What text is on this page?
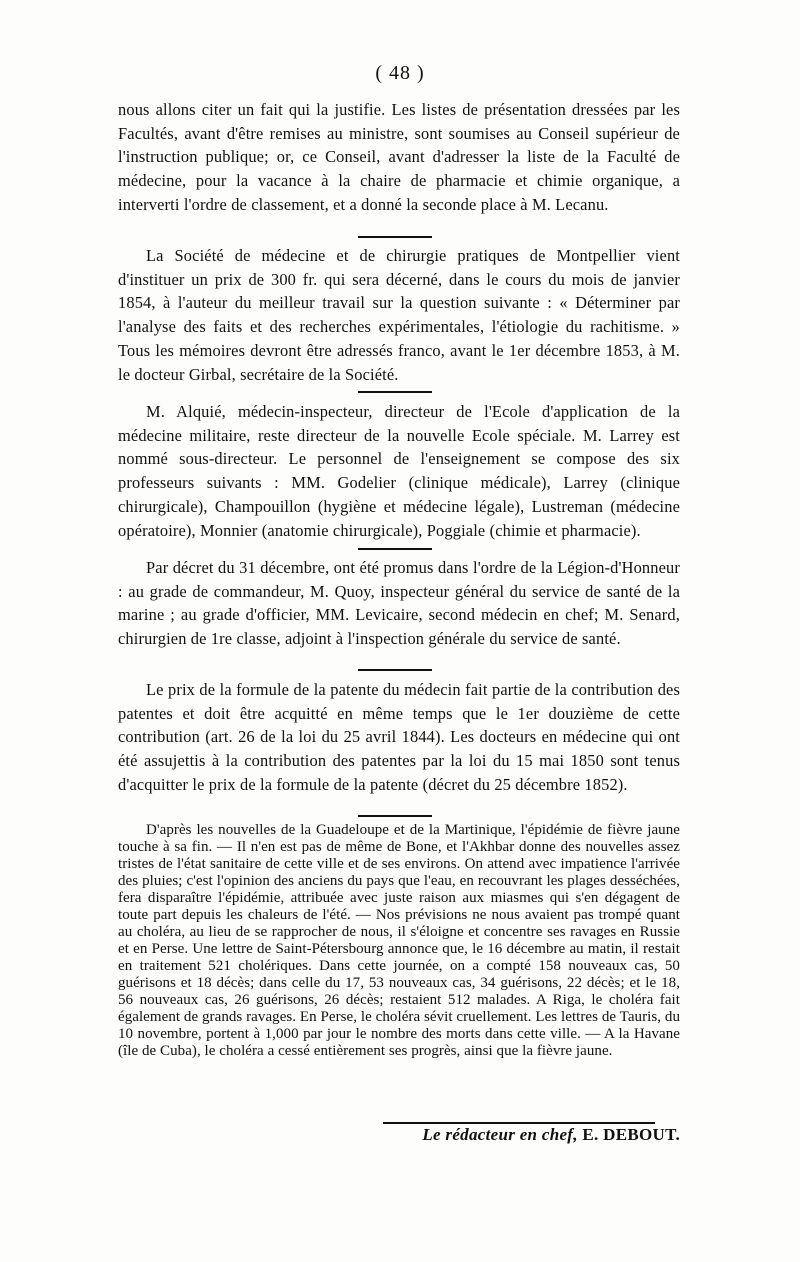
( 48 )

nous allons citer un fait qui la justifie. Les listes de présentation dressées par les Facultés, avant d'être remises au ministre, sont soumises au Conseil supérieur de l'instruction publique; or, ce Conseil, avant d'adresser la liste de la Faculté de médecine, pour la vacance à la chaire de pharmacie et chimie organique, a interverti l'ordre de classement, et a donné la seconde place à M. Lecanu.

La Société de médecine et de chirurgie pratiques de Montpellier vient d'instituer un prix de 300 fr. qui sera décerné, dans le cours du mois de janvier 1854, à l'auteur du meilleur travail sur la question suivante : « Déterminer par l'analyse des faits et des recherches expérimentales, l'étiologie du rachitisme. » Tous les mémoires devront être adressés franco, avant le 1er décembre 1853, à M. le docteur Girbal, secrétaire de la Société.

M. Alquié, médecin-inspecteur, directeur de l'Ecole d'application de la médecine militaire, reste directeur de la nouvelle Ecole spéciale. M. Larrey est nommé sous-directeur. Le personnel de l'enseignement se compose des six professeurs suivants : MM. Godelier (clinique médicale), Larrey (clinique chirurgicale), Champouillon (hygiène et médecine légale), Lustreman (médecine opératoire), Monnier (anatomie chirurgicale), Poggiale (chimie et pharmacie).

Par décret du 31 décembre, ont été promus dans l'ordre de la Légion-d'Honneur : au grade de commandeur, M. Quoy, inspecteur général du service de santé de la marine ; au grade d'officier, MM. Levicaire, second médecin en chef; M. Senard, chirurgien de 1re classe, adjoint à l'inspection générale du service de santé.

Le prix de la formule de la patente du médecin fait partie de la contribution des patentes et doit être acquitté en même temps que le 1er douzième de cette contribution (art. 26 de la loi du 25 avril 1844). Les docteurs en médecine qui ont été assujettis à la contribution des patentes par la loi du 15 mai 1850 sont tenus d'acquitter le prix de la formule de la patente (décret du 25 décembre 1852).

D'après les nouvelles de la Guadeloupe et de la Martinique, l'épidémie de fièvre jaune touche à sa fin. — Il n'en est pas de même de Bone, et l'Akhbar donne des nouvelles assez tristes de l'état sanitaire de cette ville et de ses environs. On attend avec impatience l'arrivée des pluies; c'est l'opinion des anciens du pays que l'eau, en recouvrant les plages desséchées, fera disparaître l'épidémie, attribuée avec juste raison aux miasmes qui s'en dégagent de toute part depuis les chaleurs de l'été. — Nos prévisions ne nous avaient pas trompé quant au choléra, au lieu de se rapprocher de nous, il s'éloigne et concentre ses ravages en Russie et en Perse. Une lettre de Saint-Pétersbourg annonce que, le 16 décembre au matin, il restait en traitement 521 cholériques. Dans cette journée, on a compté 158 nouveaux cas, 50 guérisons et 18 décès; dans celle du 17, 53 nouveaux cas, 34 guérisons, 22 décès; et le 18, 56 nouveaux cas, 26 guérisons, 26 décès; restaient 512 malades. A Riga, le choléra fait également de grands ravages. En Perse, le choléra sévit cruellement. Les lettres de Tauris, du 10 novembre, portent à 1,000 par jour le nombre des morts dans cette ville. — A la Havane (île de Cuba), le choléra a cessé entièrement ses progrès, ainsi que la fièvre jaune.

Le rédacteur en chef, E. DEBOUT.
